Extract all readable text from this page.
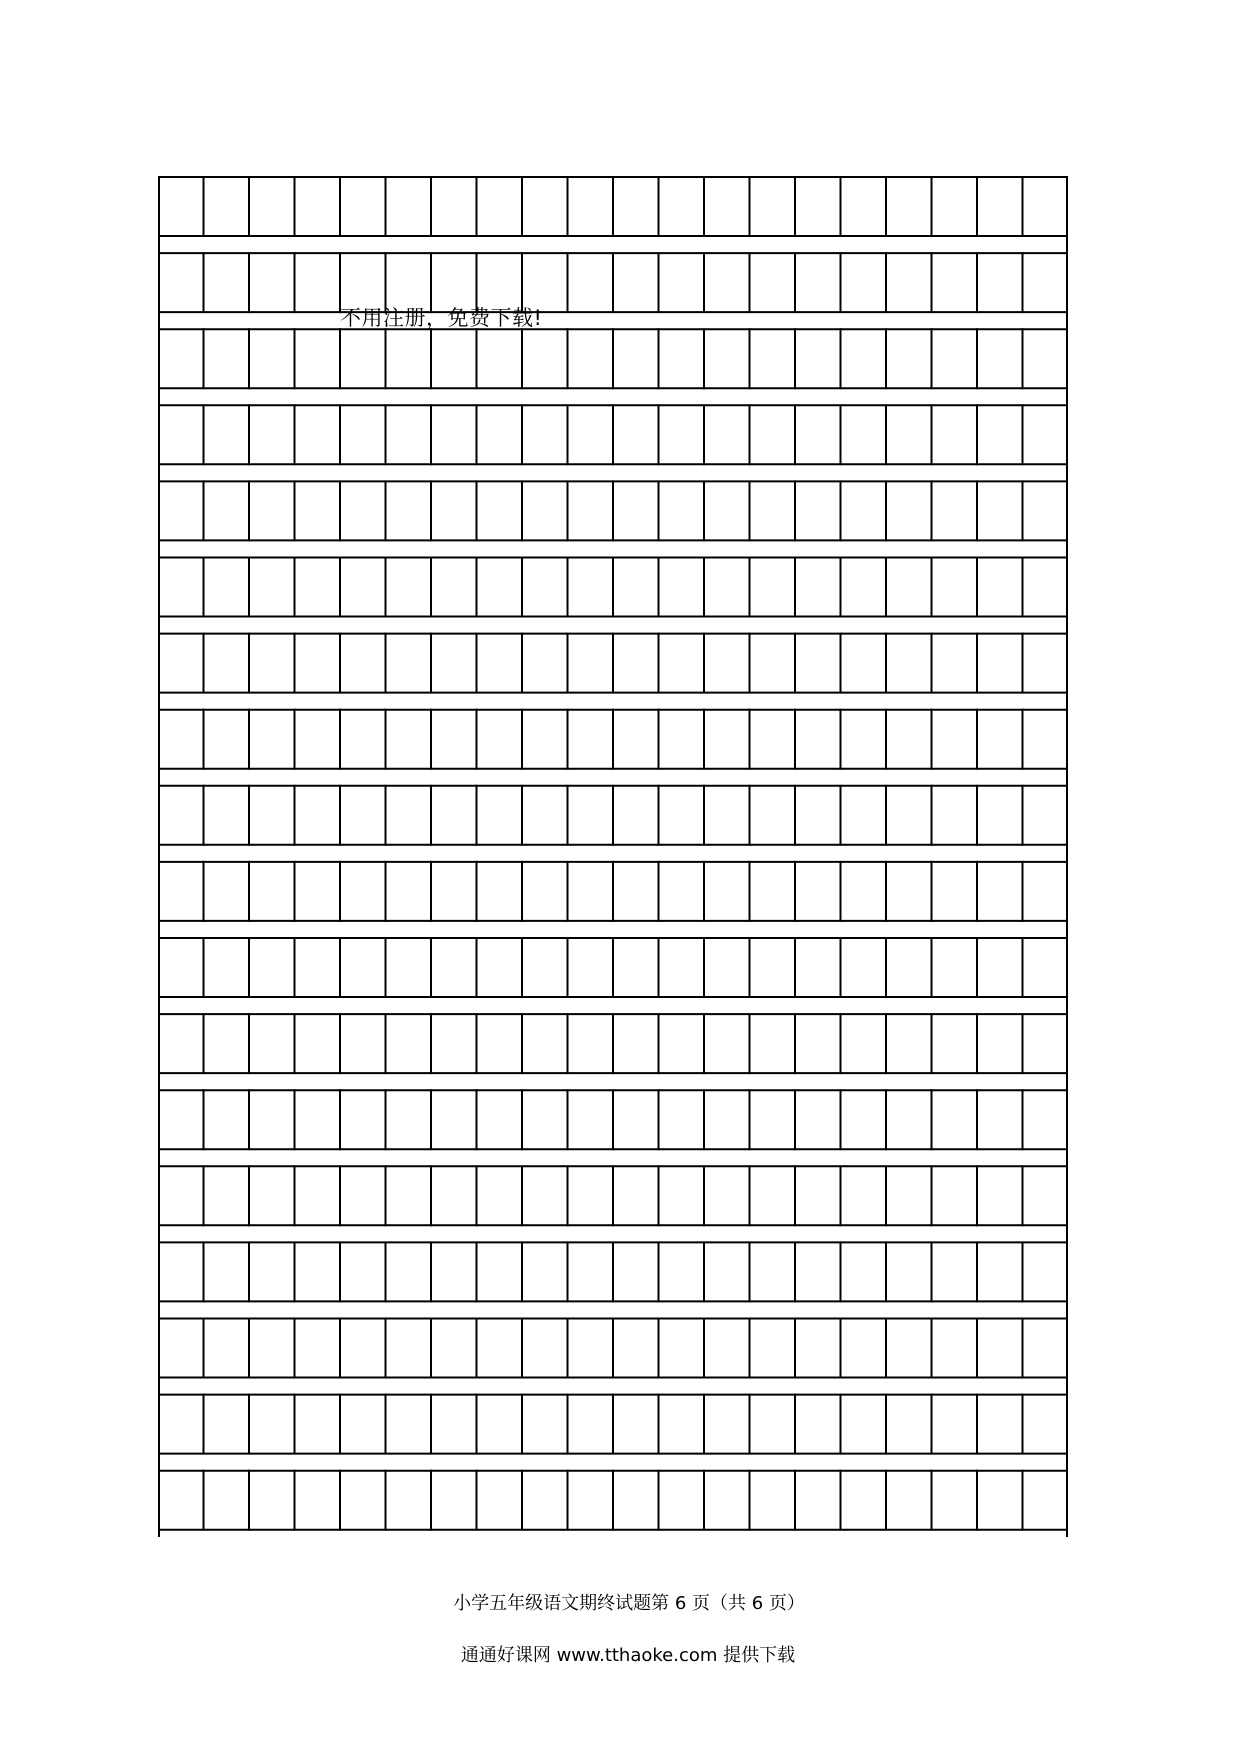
不用注册，免费下载!
小学五年级语文期终试题第 6 页（共 6 页）
通通好课网 www.tthaoke.com 提供下载
